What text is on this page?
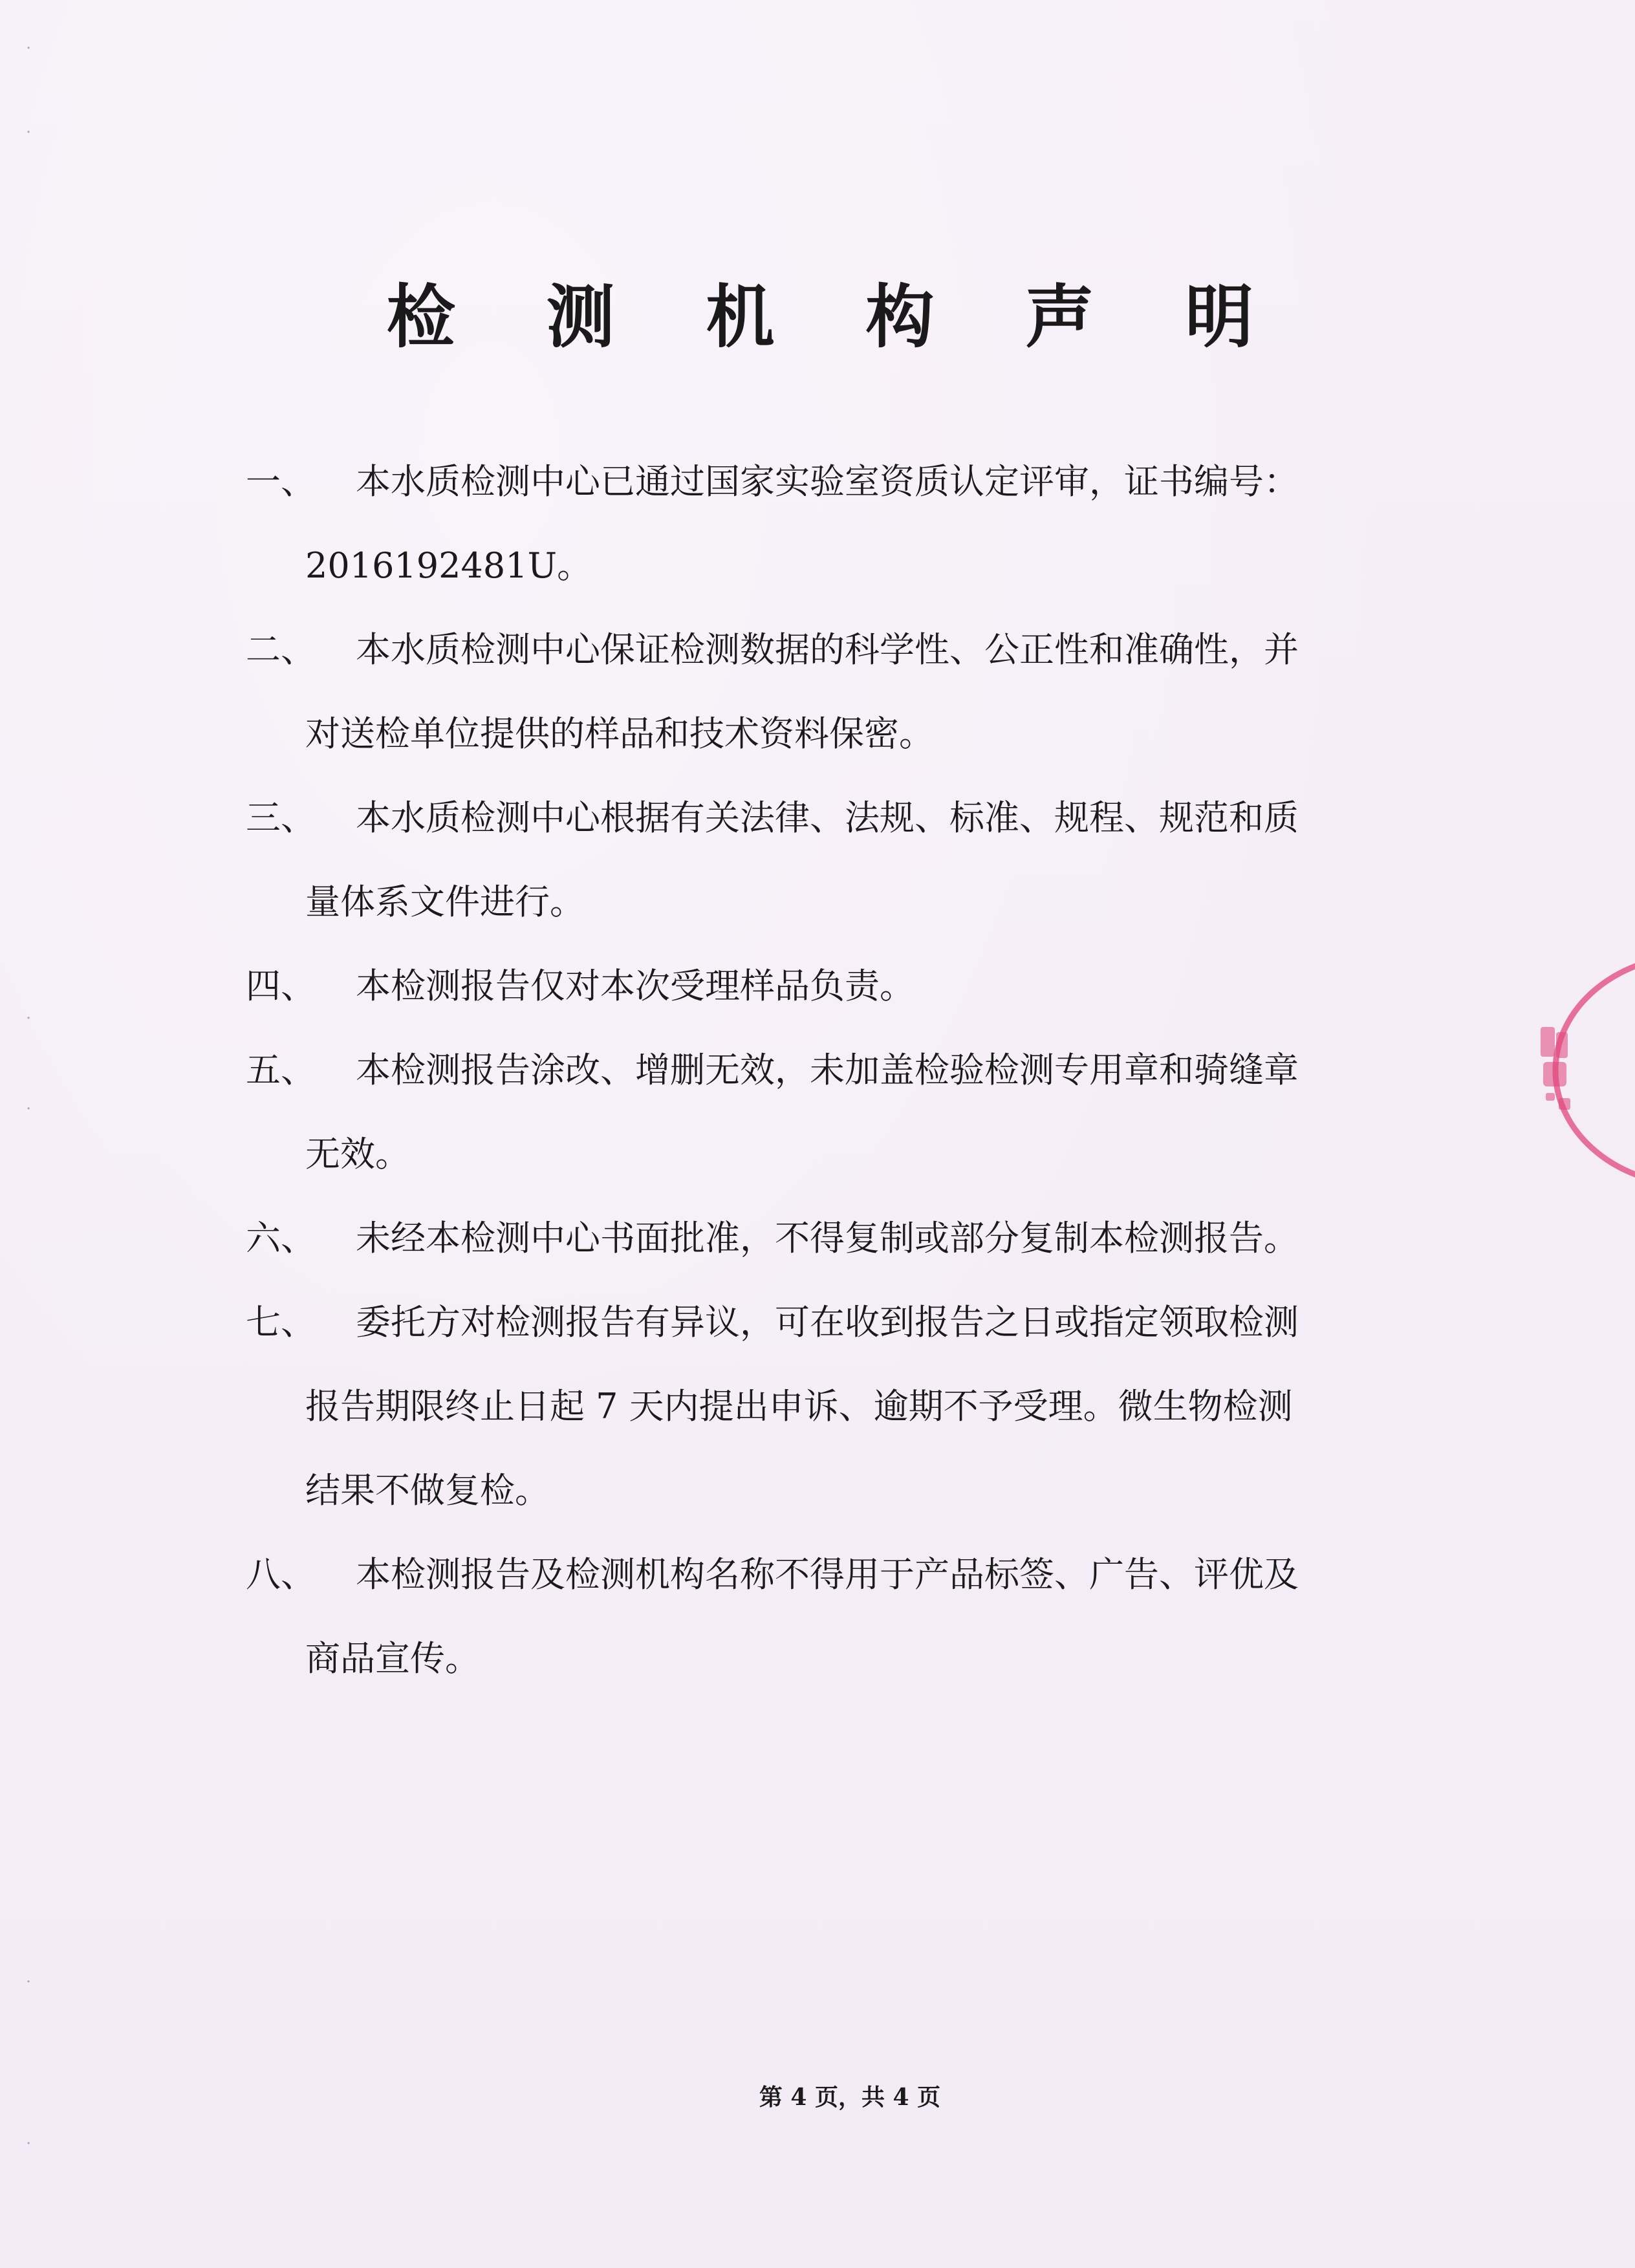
检 测 机 构 声 明
一、	本水质检测中心已通过国家实验室资质认定评审，证书编号：
2016192481U。
二、	本水质检测中心保证检测数据的科学性、公正性和准确性，并
对送检单位提供的样品和技术资料保密。
三、	本水质检测中心根据有关法律、法规、标准、规程、规范和质
量体系文件进行。
四、	本检测报告仅对本次受理样品负责。
五、	本检测报告涂改、增删无效，未加盖检验检测专用章和骑缝章
无效。
六、	未经本检测中心书面批准，不得复制或部分复制本检测报告。
七、	委托方对检测报告有异议，可在收到报告之日或指定领取检测
报告期限终止日起 7 天内提出申诉、逾期不予受理。微生物检测
结果不做复检。
八、	本检测报告及检测机构名称不得用于产品标签、广告、评优及
商品宣传。
·
·
·
·
·
·
第 4 页，共 4 页
